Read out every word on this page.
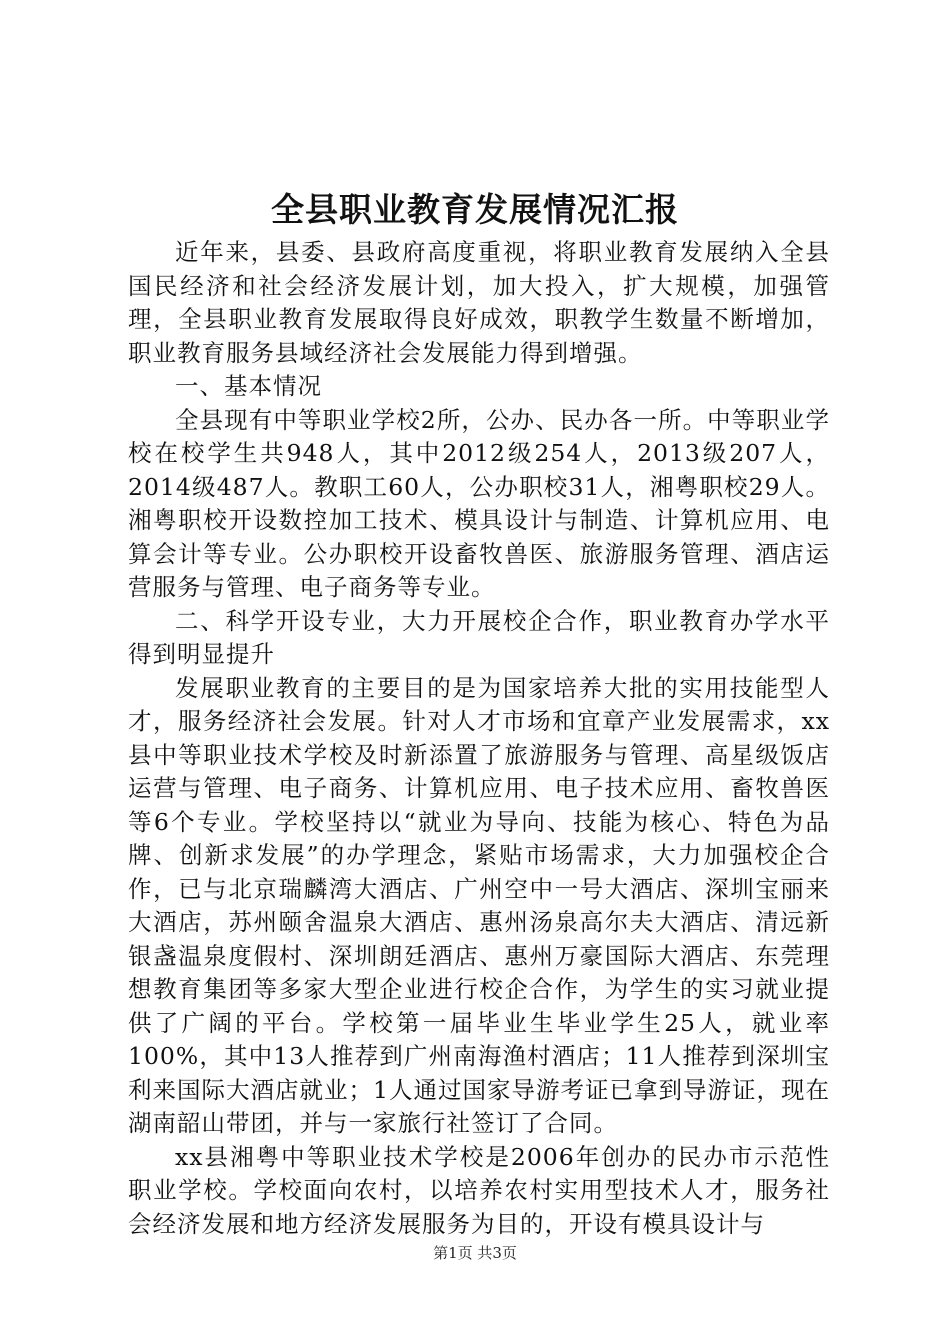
全县职业教育发展情况汇报

近年来，县委、县政府高度重视，将职业教育发展纳入全县国民经济和社会经济发展计划，加大投入，扩大规模，加强管理，全县职业教育发展取得良好成效，职教学生数量不断增加，职业教育服务县域经济社会发展能力得到增强。

一、基本情况

全县现有中等职业学校2所，公办、民办各一所。中等职业学校在校学生共948人，其中2012级254人，2013级207人，2014级487人。教职工60人，公办职校31人，湘粤职校29人。湘粤职校开设数控加工技术、模具设计与制造、计算机应用、电算会计等专业。公办职校开设畜牧兽医、旅游服务管理、酒店运营服务与管理、电子商务等专业。

二、科学开设专业，大力开展校企合作，职业教育办学水平得到明显提升

发展职业教育的主要目的是为国家培养大批的实用技能型人才，服务经济社会发展。针对人才市场和宜章产业发展需求，xx县中等职业技术学校及时新添置了旅游服务与管理、高星级饭店运营与管理、电子商务、计算机应用、电子技术应用、畜牧兽医等6个专业。学校坚持以“就业为导向、技能为核心、特色为品牌、创新求发展”的办学理念，紧贴市场需求，大力加强校企合作，已与北京瑞麟湾大酒店、广州空中一号大酒店、深圳宝丽来大酒店，苏州颐舍温泉大酒店、惠州汤泉高尔夫大酒店、清远新银盏温泉度假村、深圳朗廷酒店、惠州万豪国际大酒店、东莞理想教育集团等多家大型企业进行校企合作，为学生的实习就业提供了广阔的平台。学校第一届毕业生毕业学生25人，就业率100%，其中13人推荐到广州南海渔村酒店；11人推荐到深圳宝利来国际大酒店就业；1人通过国家导游考证已拿到导游证，现在湖南韶山带团，并与一家旅行社签订了合同。

xx县湘粤中等职业技术学校是2006年创办的民办市示范性职业学校。学校面向农村，以培养农村实用型技术人才，服务社会经济发展和地方经济发展服务为目的，开设有模具设计与

第1页 共3页
